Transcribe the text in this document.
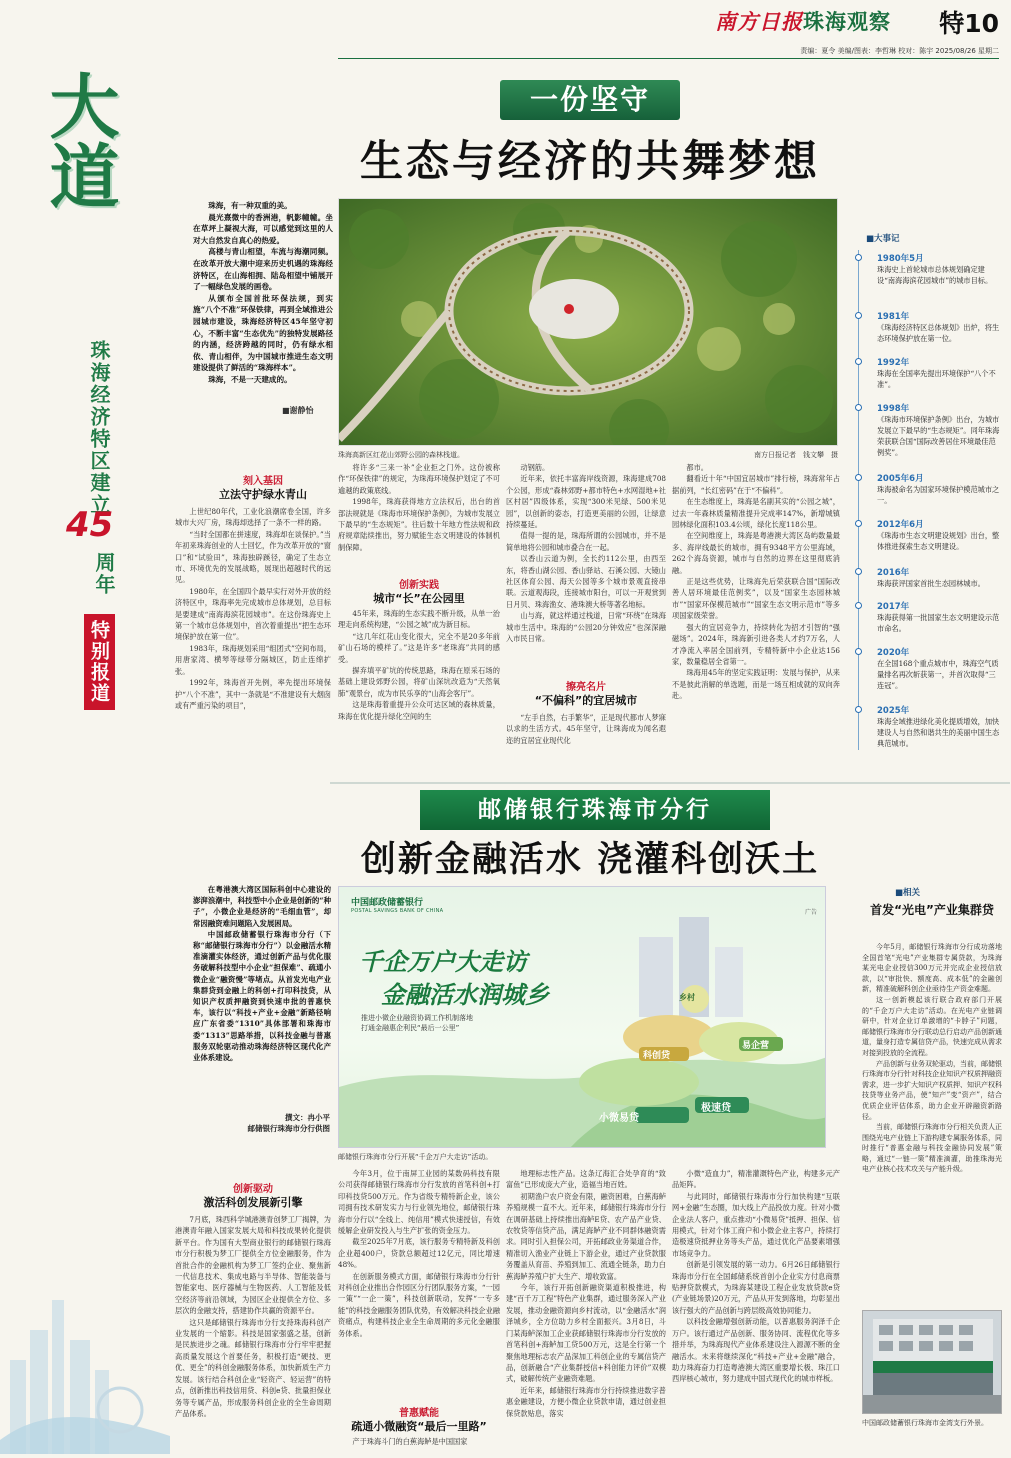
南方日报珠海观察 特10
责编：夏令 美编/图表：李哲琳 校对：陈宇 2025/08/26 星期二
大道
珠海经济特区建立
45
周年
特别报道
一份坚守
生态与经济的共舞梦想

珠海，有一种双重的美。

晨光熹微中的香洲港，帆影幢幢。坐在草坪上凝视大海，可以感觉到这里的人对大自然发自真心的热爱。

高楼与青山相望，车流与海潮同频。在改革开放大潮中迎来历史机遇的珠海经济特区，在山海相拥、陆岛相望中铺展开了一幅绿色发展的画卷。

从颁布全国首批环保法规，到实施“八个不准”环保铁律，再到全域推进公园城市建设，珠海经济特区45年坚守初心，不断丰富“生态优先”的独特发展路径的内涵，经济跨越的同时，仍有绿水相依、青山相伴，为中国城市推进生态文明建设提供了鲜活的“珠海样本”。

珠海，不是一天建成的。

■谢静怡
珠海高新区红花山郊野公园的森林栈道。	南方日报记者　钱文攀　摄
刻入基因
立法守护绿水青山

上世纪80年代，工业化浪潮席卷全国，许多城市大兴厂房，珠海却选择了一条不一样的路。

“当时全国都在拼速度，珠海却在谈保护。”当年初来珠海创业的人士回忆，作为改革开放的“窗口”和“试验田”，珠海独辟蹊径，确定了生态立市、环境优先的发展战略，展现出超越时代的远见。

1980年，在全国四个最早实行对外开放的经济特区中，珠海率先完成城市总体规划，总目标是要建成“南海海滨花园城市”。在这份珠海史上第一个城市总体规划中，首次着重提出“把生态环境保护放在第一位”。

1983年，珠海规划采用“组团式”空间布局，用唐家湾、横琴等绿带分隔城区，防止连绵扩张。

1992年，珠海首开先例，率先提出环境保护“八个不准”，其中一条就是“不准建设有大烟囱或有严重污染的项目”，

将许多“三来一补”企业拒之门外。这份被称作“环保铁律”的规定，为珠海环境保护划定了不可逾越的政策底线。

1998年，珠海获得地方立法权后，出台的首部法规就是《珠海市环境保护条例》，为城市发展立下最早的“生态规矩”。往后数十年地方性法规和政府规章陆续推出，努力赋能生态文明建设的体制机制保障。

创新实践
城市“长”在公园里

45年来，珠海的生态实践不断升级，从单一治理走向系统构建，“公园之城”成为新目标。

“这几年红花山变化很大，完全不是20多年前矿山石场的模样了。”这是许多“老珠海”共同的感受。

摒弃填平矿坑的传统思路，珠海在原采石场的基础上建设郊野公园，将矿山深坑改造为“天然氧肺”观景台，成为市民乐享的“山海会客厅”。

这是珠海着重提升公众可达区域的森林质量，珠海在优化提升绿化空间的生

动钢筋。

近年来，依托丰富海岸线资源，珠海建成708个公园，形成“森林郊野+都市特色+水网湿地+社区村居”四级体系，实现“300米见绿、500米见园”，以创新的姿态，打造更美丽的公园，让绿意持续蔓延。

值得一提的是，珠海所谓的公园城市，并不是简单地将公园和城市叠合在一起。

以香山云道为例，全长约112公里，由西至东，将香山湖公园、香山驿站、石溪公园、大镜山社区体育公园、海天公园等多个城市景观直接串联。云道观海段，连接城市阳台，可以一开观赏到日月贝、珠海渔女、港珠澳大桥等著名地标。

山与海，就这样通过栈道，日常“环绕”在珠海城市生活中。珠海的“公园20分钟效应”也深深融入市民日常。

擦亮名片
“不偏科”的宜居城市

“左手自然，右手繁华”，正是现代都市人梦寐以求的生活方式。45年坚守，让珠海成为闻名遐迩的宜居宜业现代化

都市。

翻看近十年“中国宜居城市”排行榜，珠海常年占据前列，“长红密码”在于“不偏科”。

在生态维度上，珠海是名副其实的“公园之城”，过去一年森林质量精准提升完成率147%，新增城镇园林绿化面积103.4公顷，绿化长度118公里。

在空间维度上，珠海是粤港澳大湾区岛屿数量最多、海岸线最长的城市，拥有9348平方公里海域，262个海岛资源，城市与自然的边界在这里彻底消融。

正是这些优势，让珠海先后荣获联合国“国际改善人居环境最佳范例奖”，以及“国家生态园林城市”“国家环保模范城市”“国家生态文明示范市”等多项国家级荣誉。

强大的宜居竞争力，持续转化为招才引智的“强磁场”。2024年，珠海新引进各类人才约7万名，人才净流入率居全国前列，专精特新中小企业达156家，数量稳居全省第一。

珠海用45年的坚定实践证明：发展与保护，从来不是彼此消解的单选题，而是一场互相成就的双向奔赴。

■大事记
1980年5月
珠海史上首轮城市总体规划确定建设“南海海滨花园城市”的城市目标。
1981年
《珠海经济特区总体规划》出炉，将生态环境保护放在第一位。
1992年
珠海在全国率先提出环境保护“八个不准”。
1998年
《珠海市环境保护条例》出台，为城市发展立下最早的“生态规矩”。同年珠海荣获联合国“国际改善居住环境最佳范例奖”。
2005年6月
珠海被命名为国家环境保护模范城市之一。
2012年6月
《珠海市生态文明建设规划》出台，整体推进探索生态文明建设。
2016年
珠海获评国家首批生态园林城市。
2017年
珠海获得第一批国家生态文明建设示范市命名。
2020年
在全国168个重点城市中，珠海空气质量排名再次斩获第一，并首次取得“三连冠”。
2025年
珠海全域推进绿化美化提质增效，加快建设人与自然和谐共生的美丽中国生态典范城市。
邮储银行珠海市分行
创新金融活水 浇灌科创沃土

在粤港澳大湾区国际科创中心建设的澎湃浪潮中，科技型中小企业是创新的“种子”，小微企业是经济的“毛细血管”，却常因融资难问题陷入发展困局。

中国邮政储蓄银行珠海市分行（下称“邮储银行珠海市分行”）以金融活水精准滴灌实体经济，通过创新产品与优化服务破解科技型中小企业“担保难”、疏通小微企业“融资慢”等堵点。从首发光电产业集群贷到金融上的科创+打印科技贷，从知识产权质押融资到快速申批的普惠快车，该行以“科技+产业+金融”新路径响应广东省委“1310”具体部署和珠海市委“1313”思路举措，以科技金融与普惠服务双轮驱动推动珠海经济特区现代化产业体系建设。

撰文：冉小平
邮储银行珠海市分行供图
中国邮政储蓄银行
POSTAL SAVINGS BANK OF CHINA	广告
千企万户大走访
金融活水润城乡
推进小微企业融资协调工作机制落地
打通金融惠企利民“最后一公里”
小微易贷
极速贷
易企营
科创贷
乡村
邮储银行珠海市分行开展“千企万户大走访”活动。
创新驱动
激活科创发展新引擎

7月底，珠西科学城港澳青创梦工厂揭牌，为港澳青年融入国家发展大局和科技成果转化提供新平台。作为国有大型商业银行的邮储银行珠海市分行积极为梦工厂提供全方位金融服务，作为首批合作的金融机构为梦工厂签约企业、聚焦新一代信息技术、集成电路与半导体、智能装备与智能家电、医疗器械与生物医药、人工智能及低空经济等前沿领域，为园区企业提供全方位、多层次的金融支持，搭建协作共赢的资源平台。

这只是邮储银行珠海市分行支持珠海科创产业发展的一个缩影。科技是国家强盛之基，创新是民族进步之魂。邮储银行珠海市分行牢牢把握高质量发展这个首要任务，积极打造“硬技、更优、更全”的科创金融服务体系，加快新质生产力发展。该行结合科创企业“轻资产、轻运营”的特点，创新推出科技信用贷、科创e贷、批量担保业务等专属产品，形成服务科创企业的全生命周期产品体系。

今年3月，位于南屏工业园的某数码科技有限公司获得邮储银行珠海市分行发放的首笔科创+打印科技贷500万元。作为省级专精特新企业，该公司拥有技术研发实力与行业领先地位，邮储银行珠海市分行以“全线上、纯信用”模式快速授信，有效缓解企业研发投入与生产扩张的资金压力。

截至2025年7月底，该行服务专精特新及科创企业超400户，贷款总额超过12亿元，同比增速48%。

在创新服务模式方面，邮储银行珠海市分行针对科创企业推出合作园区分行团队服务方案，“一园一策”“一企一策”，科技创新联动，发挥“一专多能”的科技金融服务团队优势，有效解决科技企业融资痛点，构建科技企业全生命周期的多元化金融服务体系。

普惠赋能
疏通小微融资“最后一里路”

产于珠海斗门的白蕉海鲈是中国国家

地理标志性产品。这条辽海汇合处孕育的“致富鱼”已形成庞大产业，造福当地百姓。

初期渔户农户资金有限，融资困难，白蕉海鲈养殖规模一直不大。近年来，邮储银行珠海市分行在调研基础上持续推出海鲈E贷、农产品产业贷、农牧贷等信贷产品，满足海鲈产业不同群体融资需求。同时引入担保公司，开拓邮政业务渠道合作，精准切入渔业产业链上下游企业，通过产业贷款服务覆盖从育苗、养殖到加工、流通全链条，助力白蕉海鲈养殖户扩大生产、增收致富。

今年，该行开拓创新融资渠道积极推进，构建“百千万工程”特色产业集群，通过服务深入产业发展，推动金融资源向乡村流动，以“金融活水”润泽城乡，全方位助力乡村全面振兴。3月8日，斗门某海鲈深加工企业获邮储银行珠海市分行发放的首笔科创+海鲈加工贷500万元，这是全行第一个聚焦地理标志农产品深加工科创企业的专属信贷产品，创新融合“产业集群授信+科创能力评价”双模式，破解传统产业融资难题。

近年来，邮储银行珠海市分行持续推进数字普惠金融建设，方便小微企业贷款申请，通过创业担保贷款贴息，落实

小微“造血力”，精准灌溉特色产业，构建多元产品矩阵。

与此同时，邮储银行珠海市分行加快构建“互联网+金融”生态圈，加大线上产品投放力度。针对小微企业法人客户，重点推动“小微易贷”抵押、担保、信用模式，针对个体工商户和小微企业主客户，持续打造极速贷抵押业务等头产品，通过优化产品要素增强市场竞争力。

创新是引领发展的第一动力。6月26日邮储银行珠海市分行在全国邮储系统首创小企业实方付息商票贴押贷款模式，为珠海某建设工程企业发放贷款e贷(产业链场景)20万元，产品从开发到落地，均彰显出该行强大的产品创新与跨层级高效协同能力。

以科技金融增强创新动能，以普惠服务润泽千企万户。该行通过产品创新、服务协同、流程优化等多措并举，为珠海现代产业体系建设注入源源不断的金融活水。未来将继续深化“科技+产业+金融”融合，助力珠海奋力打造粤港澳大湾区重要增长极、珠江口西岸核心城市，努力建成中国式现代化的城市样板。

■相关
首发“光电”产业集群贷

今年5月，邮储银行珠海市分行成功落地全国首笔“光电”产业集群专属贷款，为珠海某光电企业授信300万元并完成企业授信放款，以“审批快、额度高、成本低”的金融创新，精准破解科创企业亟待生产资金难题。

这一创新模起该行联合政府部门开展的“千企万户大走访”活动。在光电产业链调研中，针对企业订单激增的“卡脖子”问题，邮储银行珠海市分行联动总行启动产品创新通道，量身打造专属信贷产品，快速完成从需求对接到投放的全流程。

产品创新与业务双轮驱动，当前，邮储银行珠海市分行针对科技企业知识产权质押融资需求，进一步扩大知识产权质押、知识产权科技贷等业务产品，使“知产”变“资产”，结合优质企业评估体系，助力企业开辟融资新路径。

当前，邮储银行珠海市分行相关负责人正围绕光电产业链上下游构建专属服务体系，同时推行“普惠金融与科技金融协同发展”策略，通过“一链一策”精准滴灌，助推珠海光电产业核心技术攻关与产能升级。

中国邮政储蓄银行珠海市金湾支行外景。
